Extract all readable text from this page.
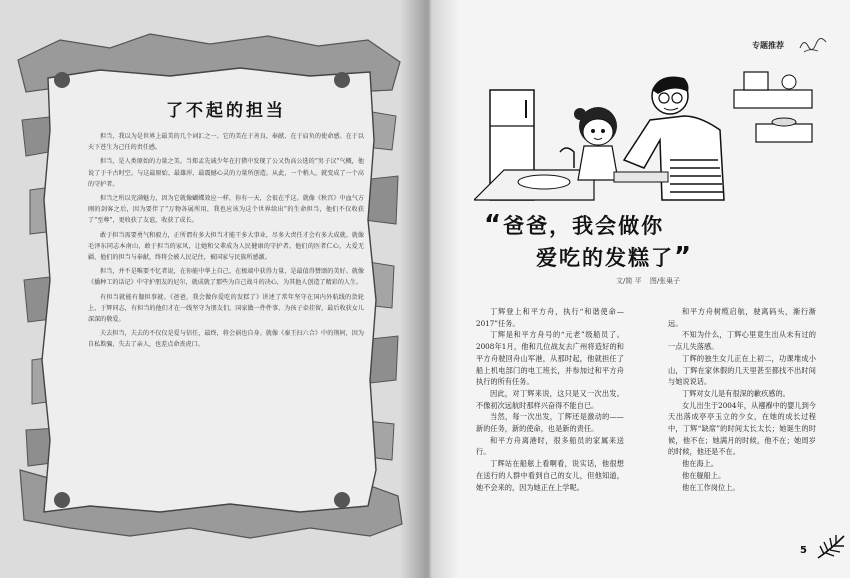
了不起的担当

担当，我以为是世界上最美的几个词汇之一。它的美在于善良、奉献、在于肩负的使命感。在于以天下苍生为己任的责任感。

担当，是人类原始的力量之美。当郑孟先诚少年在打猎中发现了公又伪高公选的“男子汉”气概，他说了于千古时空。与这最原始、最雄浑、最震撼心灵的力量所创造。从此，一个稍人，就变成了一个高的守护者。

担当之所以充满魅力，因为它就像蝴蝶效应一样，你有一天，会很在乎这。就像《秋宫》中血气方刚的剑客之后，因为要伴了“万物各展所用，我也应该为这个世界给出”的生命担当，他们不仅收获了“至尊”，更收获了友谊，收获了成长。

敢于担当需要勇气和毅力，正所谓有多大担当才能干多大事业，尽多大责任才会有多大成就。就像毛泽东同志本南山，敢于担当的家风，让她和父辈成为人民健康的守护者。他们的医者仁心，大爱无疆，他们的担当与奉献，终将会被人民记住，被国家与民族所感激。

担当，并不是唯要不忆者说，在你能中华上自己，在极端中获得力量，是最值得赞颂的美好。就像《播种工的话记》中守护朋友的尼尔，就成就了那些为自己战斗的决心，为其他人创造了精彩的人生。

有担当就能有伽担事就。《爸爸，我会做你爱吃的发糕了》讲述了常年坚守在国内外航线的货轮上、于辉同志，有担当的他们才在一线坚守为朋友们，国家做一件件事，为孩子牵挂留，最后收获女儿深深的敬爱。

夫去担当，夫去的不仅仅是爱与信任，最终，将会祸也自身。就像《秦王扫六合》中的荆轲，因为自私欺骗，失去了亲人，也差点命丧虎口。

专题推荐
“爸爸，我会做你
爱吃的发糕了”
文/简 平 图/张巢子

丁辉登上和平方舟，执行“和谐使命—2017”任务。

丁辉是和平方舟号的“元老”级船员了。2008年1月，他和几位战友去广州将造好的和平方舟驶回舟山军港，从那时起，他就担任了船上机电部门的电工班长，并参加过和平方舟执行的所有任务。

因此，对丁辉来说，这只是又一次出发。不像初次远航时那样兴奋得不能自已。

当然，每一次出发，丁辉还是激动的——新的任务，新的使命，也是新的责任。

和平方舟离港时，很多船员的家属来送行。

丁辉站在船舷上看啊看，说实话，他很想在送行的人群中看到自己的女儿，但他知道，她不会来的，因为她正在上学呢。

和平方舟树缆启航，驶离码头，渐行渐远。

不知为什么，丁辉心里竟生出从未有过的一点儿失落感。

丁辉的独生女儿正在上初二，功课堆成小山，丁辉在家休假的几天里甚至都找不出时间与她说说话。

丁辉对女儿是有很深的歉疚感的。

女儿出生于2004年，从襁褓中的婴儿到今天出落成亭亭玉立的少女，在她的成长过程中，丁辉“缺席”的时间太长太长；她诞生的时候，他不在；她满月的时候，他不在；她周岁的时候，他还是不在。

他在海上。

他在舰船上。

他在工作岗位上。

5
